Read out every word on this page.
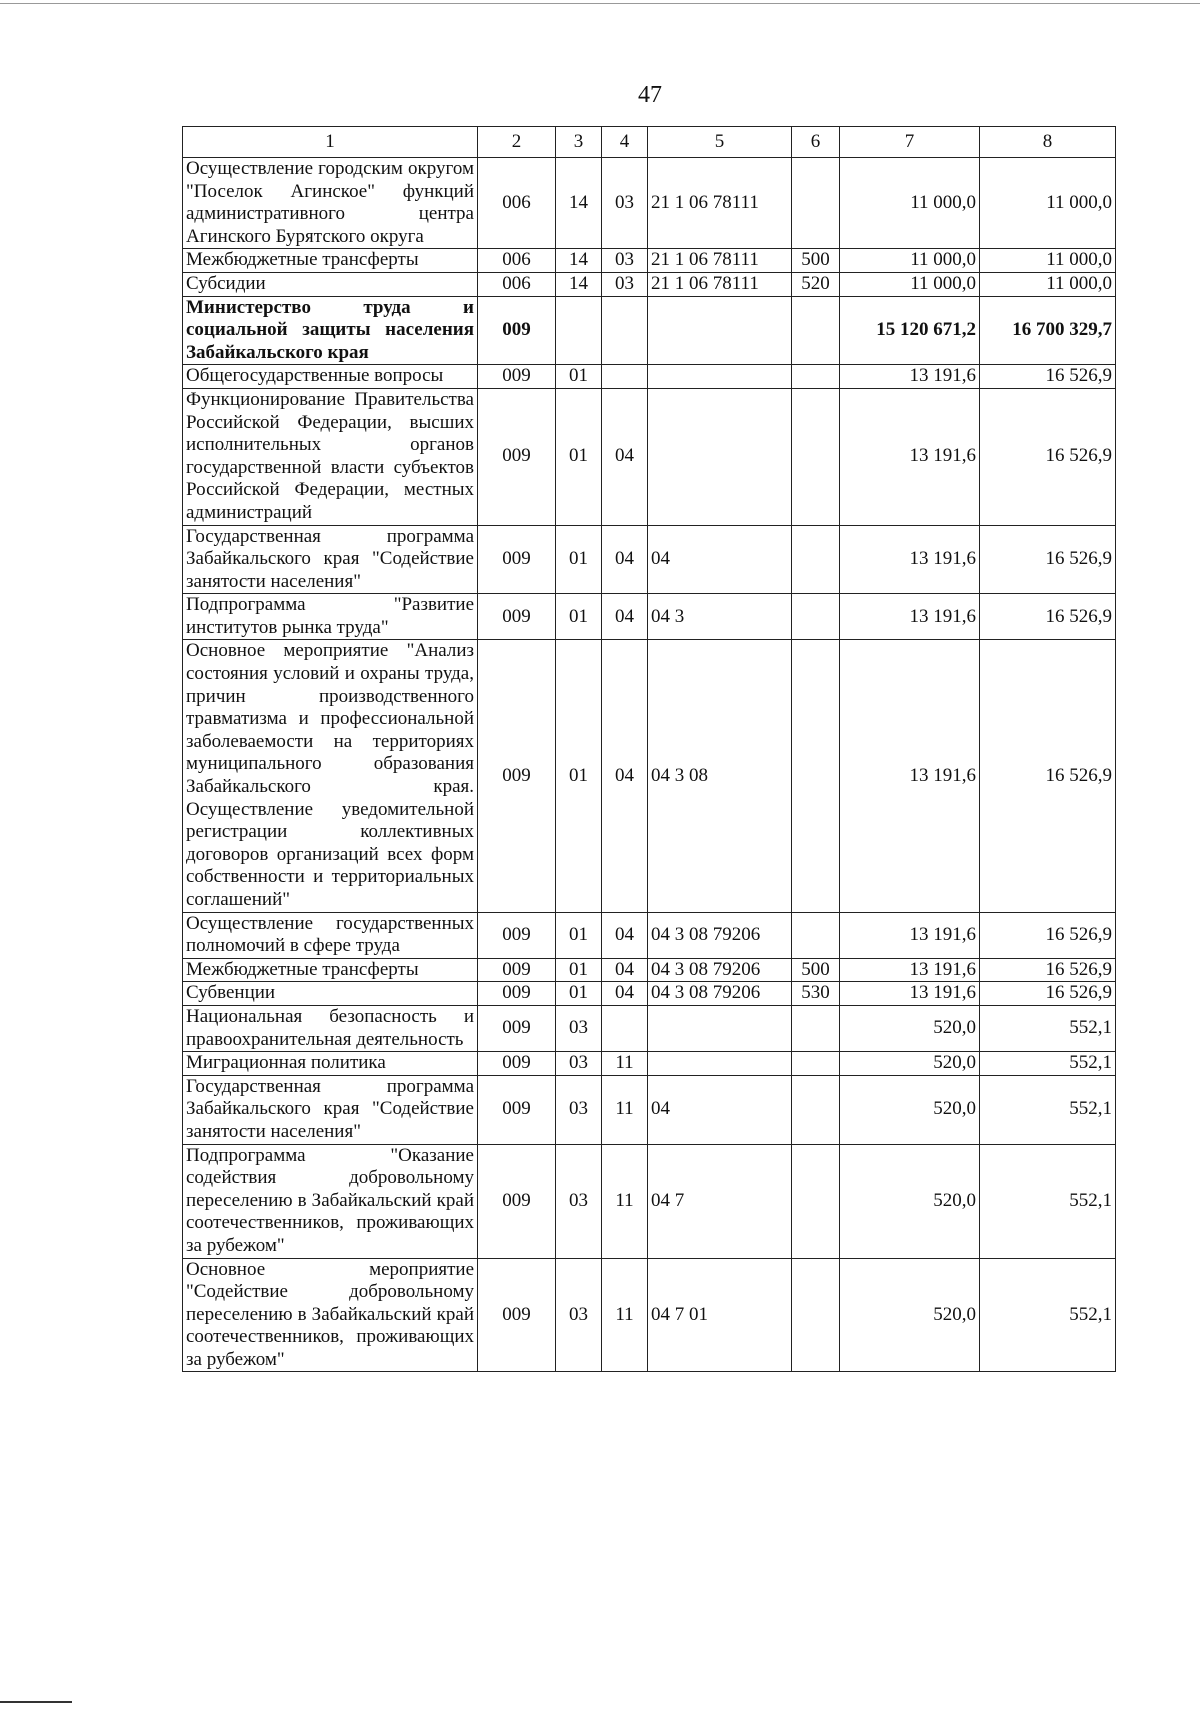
47
1	2	3	4	5	6	7	8
Осуществление городским округом "Поселок Агинское" функций административного центра Агинского Бурятского округа	006	14	03	21 1 06 78111		11 000,0	11 000,0
Межбюджетные трансферты	006	14	03	21 1 06 78111	500	11 000,0	11 000,0
Субсидии	006	14	03	21 1 06 78111	520	11 000,0	11 000,0
Министерство труда и социальной защиты населения Забайкальского края	009					15 120 671,2	16 700 329,7
Общегосударственные вопросы	009	01				13 191,6	16 526,9
Функционирование Правительства Российской Федерации, высших исполнительных органов государственной власти субъектов Российской Федерации, местных администраций	009	01	04			13 191,6	16 526,9
Государственная программа Забайкальского края "Содействие занятости населения"	009	01	04	04		13 191,6	16 526,9
Подпрограмма "Развитие институтов рынка труда"	009	01	04	04 3		13 191,6	16 526,9
Основное мероприятие "Анализ состояния условий и охраны труда, причин производственного травматизма и профессиональной заболеваемости на территориях муниципального образования Забайкальского края. Осуществление уведомительной регистрации коллективных договоров организаций всех форм собственности и территориальных соглашений"	009	01	04	04 3 08		13 191,6	16 526,9
Осуществление государственных полномочий в сфере труда	009	01	04	04 3 08 79206		13 191,6	16 526,9
Межбюджетные трансферты	009	01	04	04 3 08 79206	500	13 191,6	16 526,9
Субвенции	009	01	04	04 3 08 79206	530	13 191,6	16 526,9
Национальная безопасность и правоохранительная деятельность	009	03				520,0	552,1
Миграционная политика	009	03	11			520,0	552,1
Государственная программа Забайкальского края "Содействие занятости населения"	009	03	11	04		520,0	552,1
Подпрограмма "Оказание содействия добровольному переселению в Забайкальский край соотечественников, проживающих за рубежом"	009	03	11	04 7		520,0	552,1
Основное мероприятие "Содействие добровольному переселению в Забайкальский край соотечественников, проживающих за рубежом"	009	03	11	04 7 01		520,0	552,1
